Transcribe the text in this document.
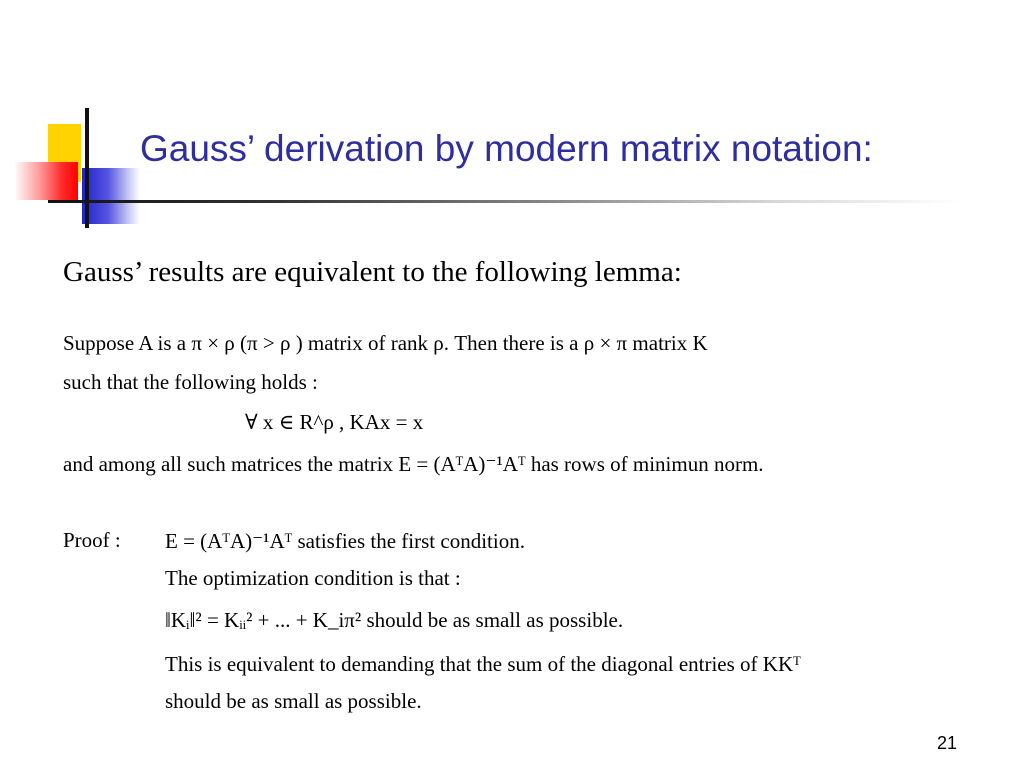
Gauss’ derivation by modern matrix notation:
Gauss’ results are equivalent to the following lemma:
Suppose A is a π × ρ (π > ρ ) matrix of rank ρ. Then there is a ρ × π matrix K
such that the following holds :
∀ x ∈ R^ρ , KAx = x
and among all such matrices the matrix E = (AᵀA)⁻¹Aᵀ has rows of minimun norm.
Proof : E = (AᵀA)⁻¹Aᵀ satisfies the first condition.
The optimization condition is that :
‖Kᵢ‖² = Kᵢᵢ² + ... + K_iπ² should be as small as possible.
This is equivalent to demanding that the sum of the diagonal entries of KKᵀ
should be as small as possible.
21
